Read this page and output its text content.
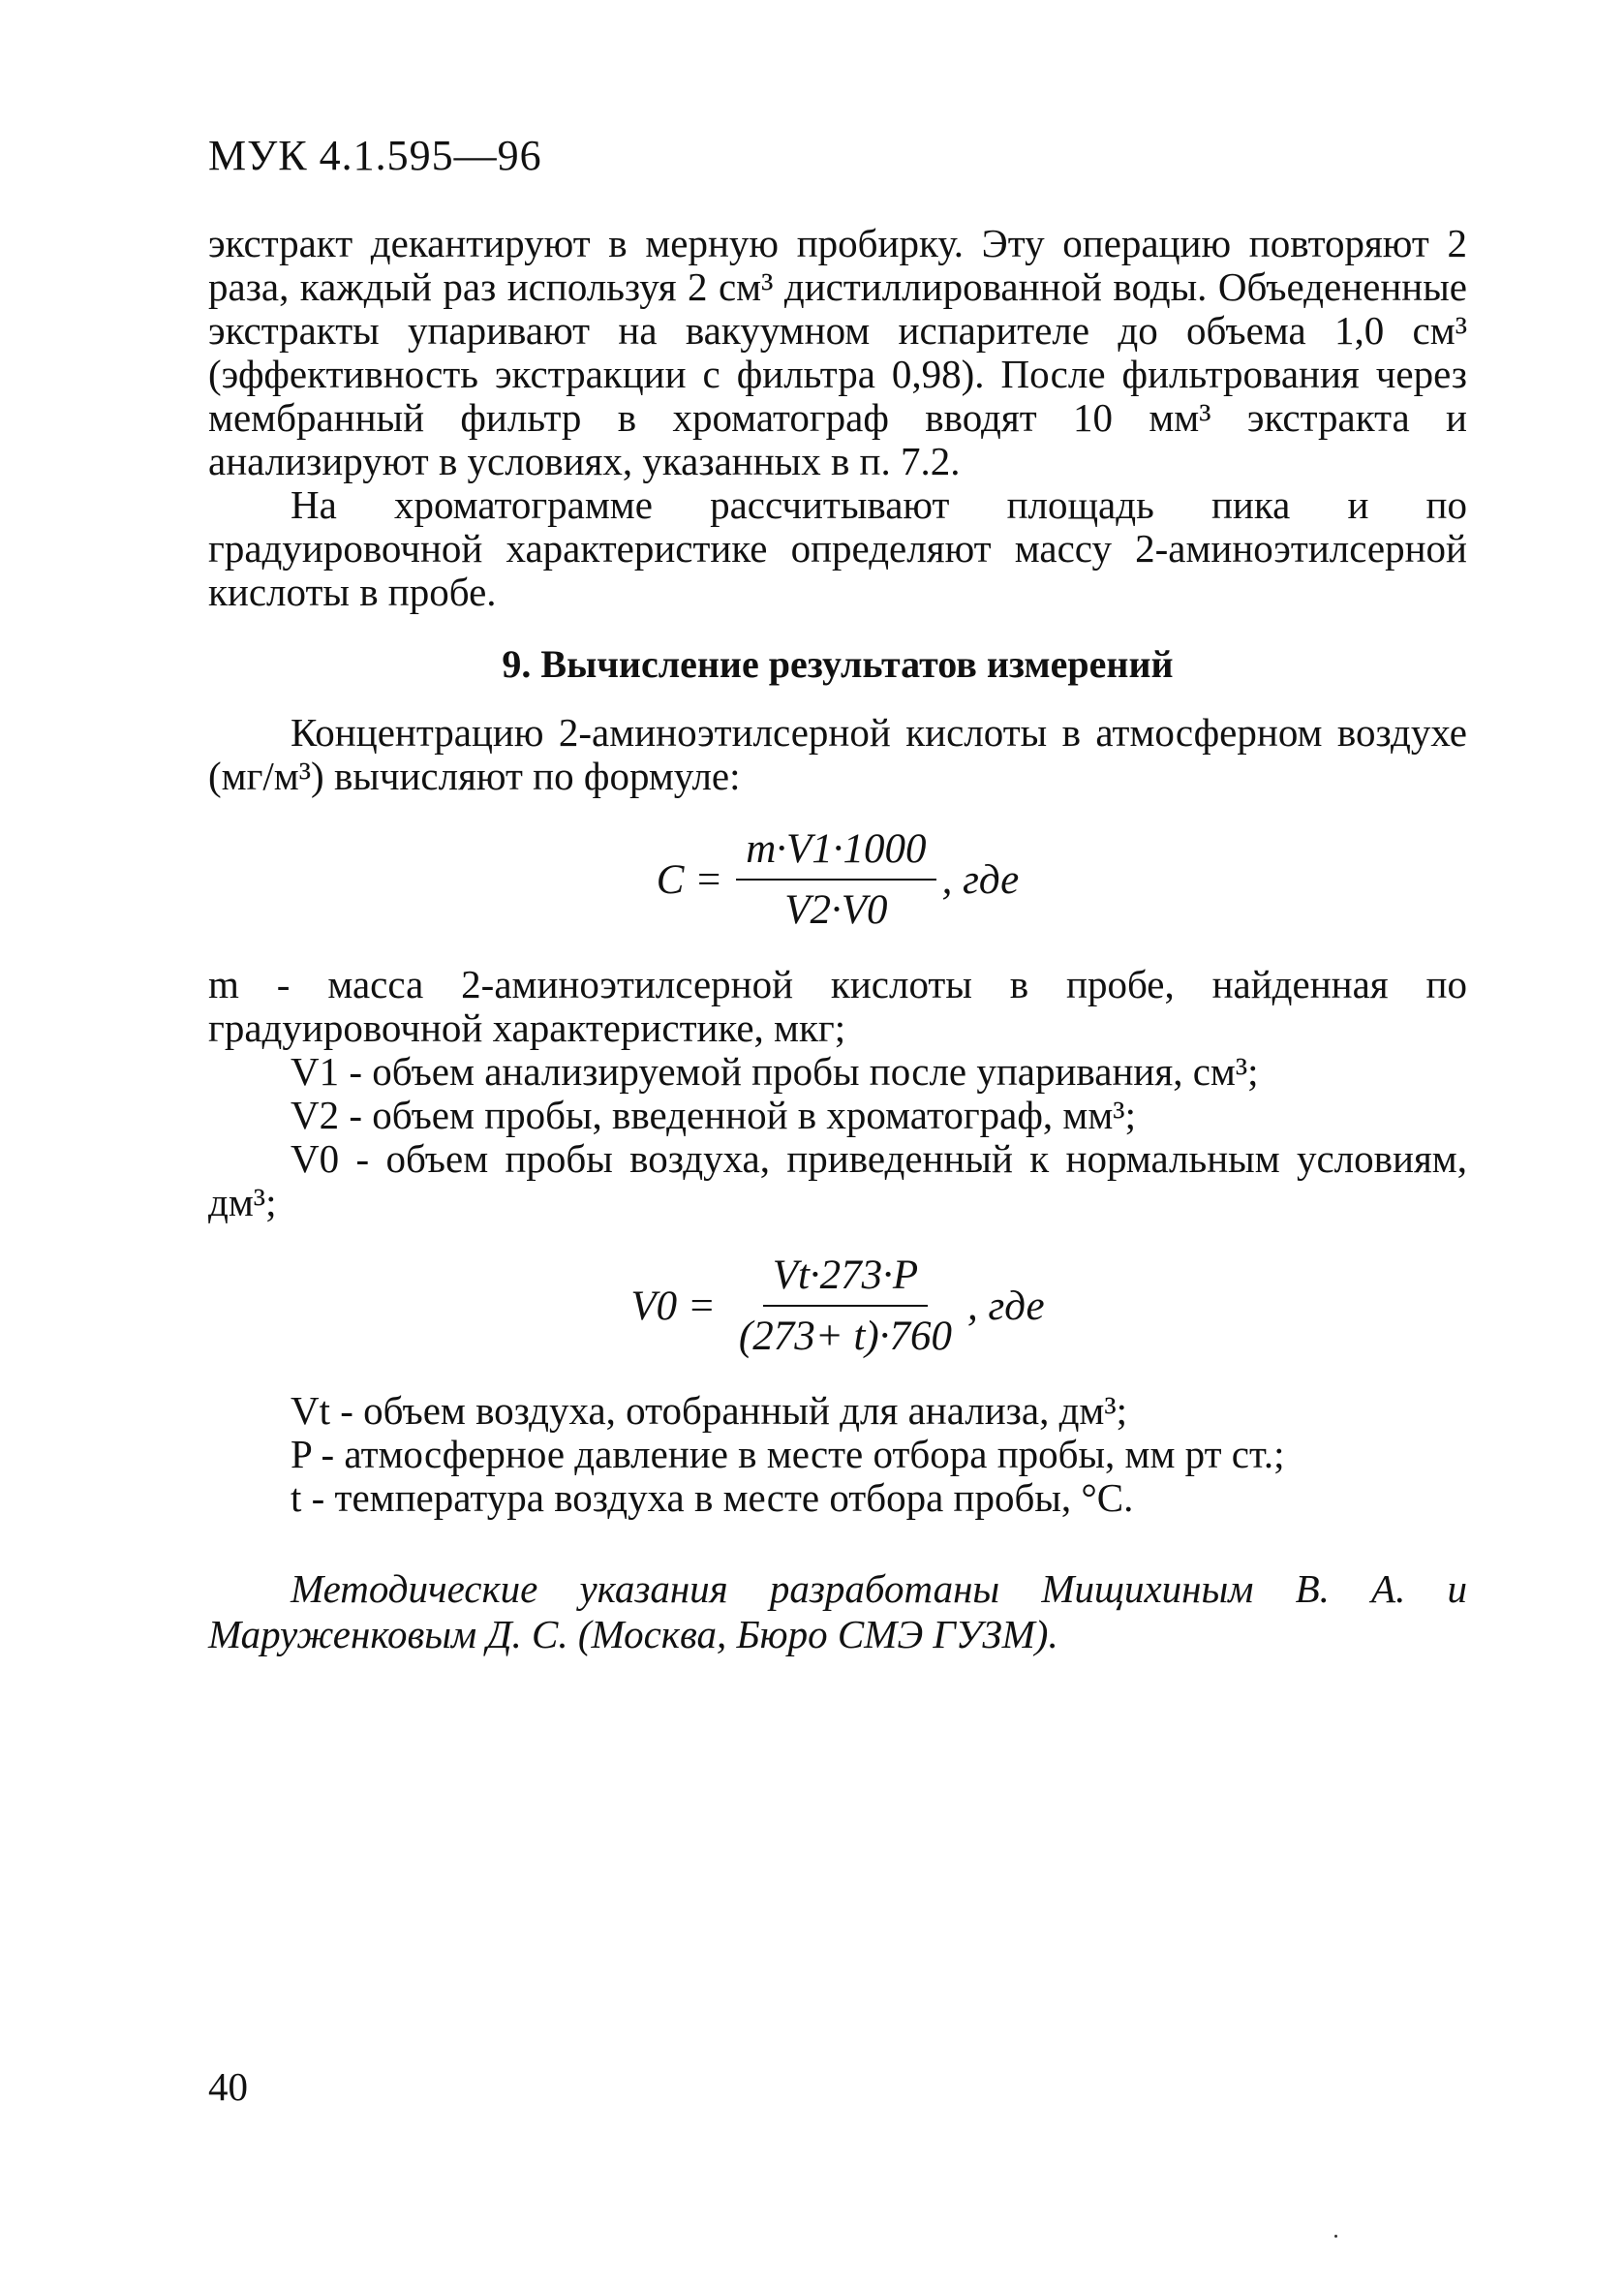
МУК 4.1.595—96

экстракт декантируют в мерную пробирку. Эту операцию повторяют 2 раза, каждый раз используя 2 см³ дистиллированной воды. Объедененные экстракты упаривают на вакуумном испарителе до объема 1,0 см³ (эффективность экстракции с фильтра 0,98). После фильтрования через мембранный фильтр в хроматограф вводят 10 мм³ экстракта и анализируют в условиях, указанных в п. 7.2.

На хроматограмме рассчитывают площадь пика и по градуировочной характеристике определяют массу 2-аминоэтилсерной кислоты в пробе.

9. Вычисление результатов измерений

Концентрацию 2-аминоэтилсерной кислоты в атмосферном воздухе (мг/м³) вычисляют по формуле:

$C = \frac{m\cdot V1\cdot 1000}{V2\cdot V0}$ , где

m - масса 2-аминоэтилсерной кислоты в пробе, найденная по градуировочной характеристике, мкг;

V1 - объем анализируемой пробы после упаривания, см³;

V2 - объем пробы, введенной в хроматограф, мм³;

V0 - объем пробы воздуха, приведенный к нормальным условиям, дм³;

$V0 = \frac{Vt\cdot 273\cdot P}{(273+ t)\cdot 760}$ , где

Vt - объем воздуха, отобранный для анализа, дм³;

P - атмосферное давление в месте отбора пробы, мм рт ст.;

t - температура воздуха в месте отбора пробы, °С.

Методические указания разработаны Мищихиным В. А. и Маруженковым Д. С. (Москва, Бюро СМЭ ГУЗМ).
40
